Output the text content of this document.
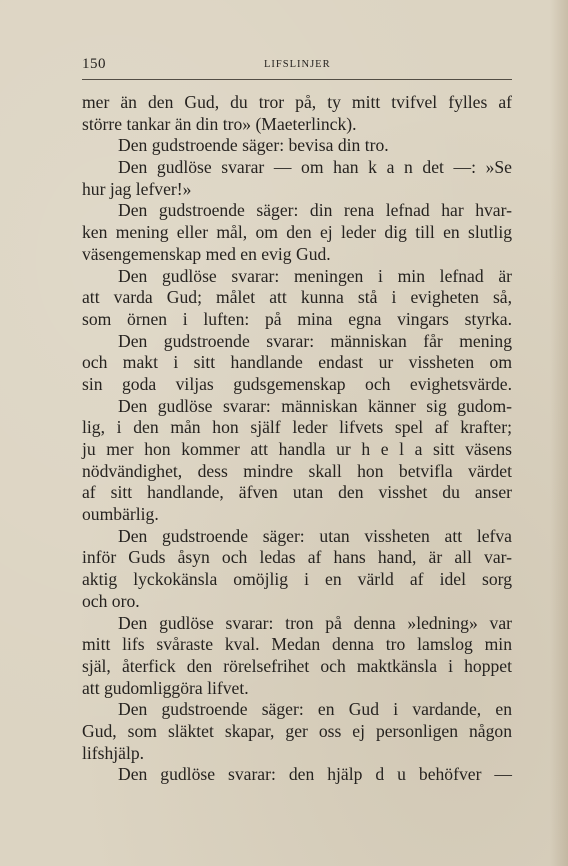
150	LIFSLINJER
mer än den Gud, du tror på, ty mitt tvifvel fylles af
större tankar än din tro» (Maeterlinck).
Den gudstroende säger: bevisa din tro.
Den gudlöse svarar — om han k a n det —: »Se
hur jag lefver!»
Den gudstroende säger: din rena lefnad har hvar-
ken mening eller mål, om den ej leder dig till en slutlig
väsengemenskap med en evig Gud.
Den gudlöse svarar: meningen i min lefnad är
att varda Gud; målet att kunna stå i evigheten så,
som örnen i luften: på mina egna vingars styrka.
Den gudstroende svarar: människan får mening
och makt i sitt handlande endast ur vissheten om
sin goda viljas gudsgemenskap och evighetsvärde.
Den gudlöse svarar: människan känner sig gudom-
lig, i den mån hon själf leder lifvets spel af krafter;
ju mer hon kommer att handla ur h e l a sitt väsens
nödvändighet, dess mindre skall hon betvifla värdet
af sitt handlande, äfven utan den visshet du anser
oumbärlig.
Den gudstroende säger: utan vissheten att lefva
inför Guds åsyn och ledas af hans hand, är all var-
aktig lyckokänsla omöjlig i en värld af idel sorg
och oro.
Den gudlöse svarar: tron på denna »ledning» var
mitt lifs svåraste kval. Medan denna tro lamslog min
själ, återfick den rörelsefrihet och maktkänsla i hoppet
att gudomliggöra lifvet.
Den gudstroende säger: en Gud i vardande, en
Gud, som släktet skapar, ger oss ej personligen någon
lifshjälp.
Den gudlöse svarar: den hjälp d u behöfver —
